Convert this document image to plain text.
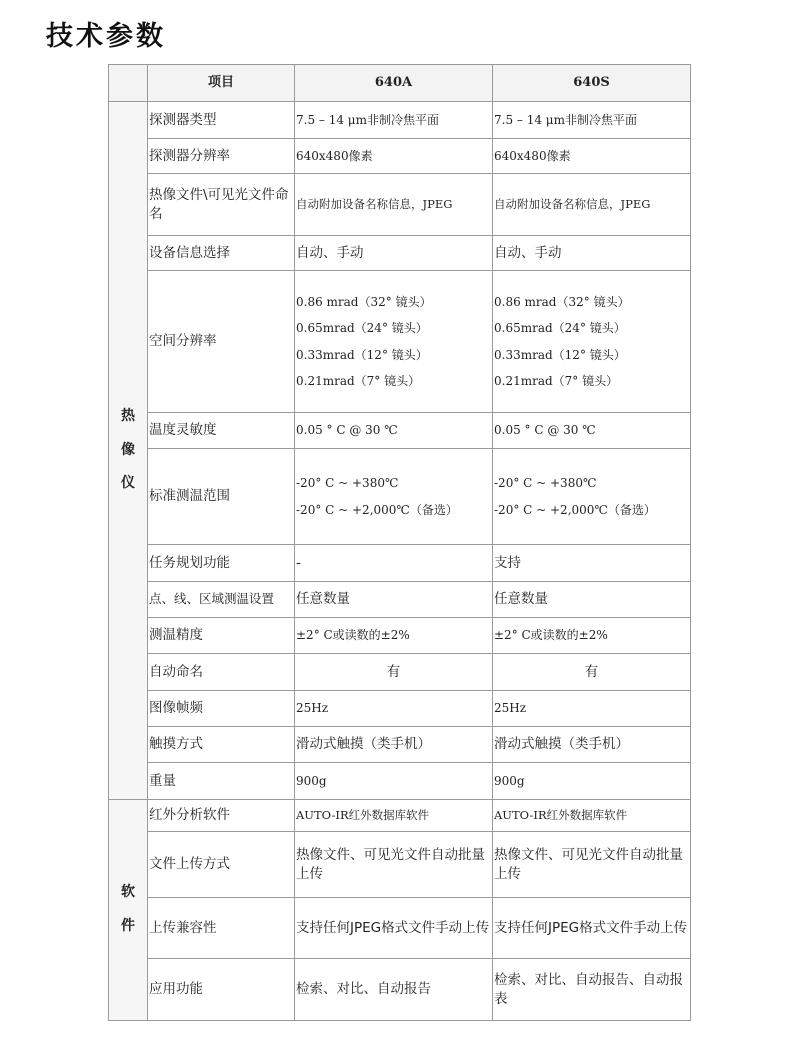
技术参数
	项目	640A	640S
热
像
仪	探测器类型	7.5 – 14 μm非制冷焦平面	7.5 – 14 μm非制冷焦平面
	探测器分辨率	640x480像素	640x480像素
	热像文件\可见光文件命名	自动附加设备名称信息，JPEG	自动附加设备名称信息，JPEG
	设备信息选择	自动、手动	自动、手动
	空间分辨率	0.86 mrad（32° 镜头）
0.65mrad（24° 镜头）
0.33mrad（12° 镜头）
0.21mrad（7° 镜头）	0.86 mrad（32° 镜头）
0.65mrad（24° 镜头）
0.33mrad（12° 镜头）
0.21mrad（7° 镜头）

	温度灵敏度	0.05 ° C @ 30 ℃	0.05 ° C @ 30 ℃
	标准测温范围	-20° C ~ +380℃
-20° C ~ +2,000℃（备选）	-20° C ~ +380℃
-20° C ~ +2,000℃（备选）

	任务规划功能	-	支持
	点、线、区域测温设置	任意数量	任意数量
	测温精度	±2° C或读数的±2%	±2° C或读数的±2%
	自动命名	有	有
	图像帧频	25Hz	25Hz
	触摸方式	滑动式触摸（类手机）	滑动式触摸（类手机）
	重量	900g	900g
软
件	红外分析软件	AUTO-IR红外数据库软件	AUTO-IR红外数据库软件
	文件上传方式	热像文件、可见光文件自动批量上传	热像文件、可见光文件自动批量上传
	上传兼容性	支持任何JPEG格式文件手动上传	支持任何JPEG格式文件手动上传
	应用功能	检索、对比、自动报告	检索、对比、自动报告、自动报表
